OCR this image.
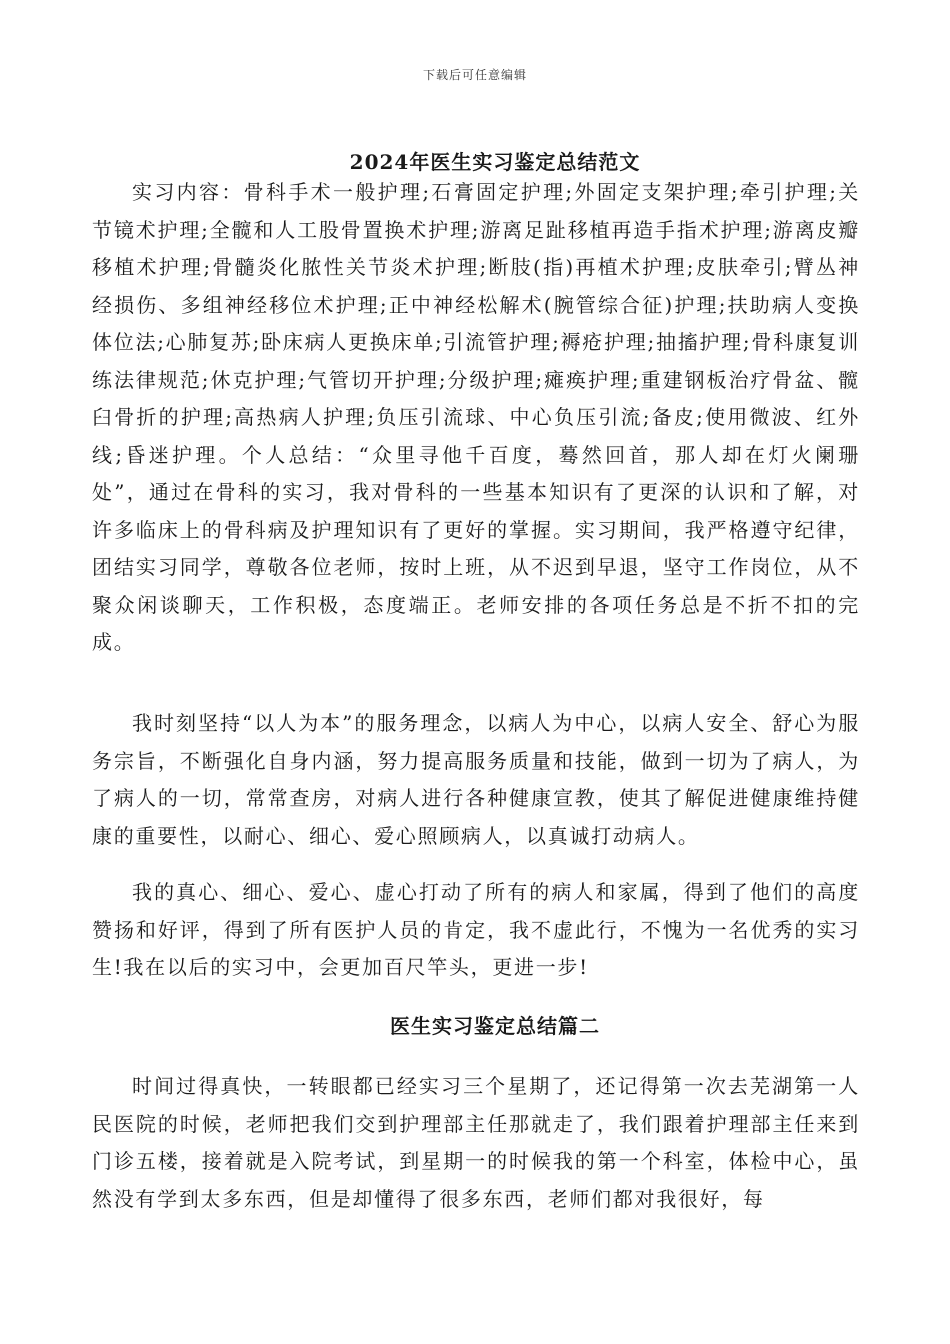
下载后可任意编辑
2024年医生实习鉴定总结范文

实习内容：骨科手术一般护理;石膏固定护理;外固定支架护理;牵引护理;关节镜术护理;全髋和人工股骨置换术护理;游离足趾移植再造手指术护理;游离皮瓣移植术护理;骨髓炎化脓性关节炎术护理;断肢(指)再植术护理;皮肤牵引;臂丛神经损伤、多组神经移位术护理;正中神经松解术(腕管综合征)护理;扶助病人变换体位法;心肺复苏;卧床病人更换床单;引流管护理;褥疮护理;抽搐护理;骨科康复训练法律规范;休克护理;气管切开护理;分级护理;瘫痪护理;重建钢板治疗骨盆、髋臼骨折的护理;高热病人护理;负压引流球、中心负压引流;备皮;使用微波、红外线;昏迷护理。个人总结：“众里寻他千百度，蓦然回首，那人却在灯火阑珊处”，通过在骨科的实习，我对骨科的一些基本知识有了更深的认识和了解，对许多临床上的骨科病及护理知识有了更好的掌握。实习期间，我严格遵守纪律，团结实习同学，尊敬各位老师，按时上班，从不迟到早退，坚守工作岗位，从不聚众闲谈聊天，工作积极，态度端正。老师安排的各项任务总是不折不扣的完成。

我时刻坚持“以人为本”的服务理念，以病人为中心，以病人安全、舒心为服务宗旨，不断强化自身内涵，努力提高服务质量和技能，做到一切为了病人，为了病人的一切，常常查房，对病人进行各种健康宣教，使其了解促进健康维持健康的重要性，以耐心、细心、爱心照顾病人，以真诚打动病人。

我的真心、细心、爱心、虚心打动了所有的病人和家属，得到了他们的高度赞扬和好评，得到了所有医护人员的肯定，我不虚此行，不愧为一名优秀的实习生!我在以后的实习中，会更加百尺竿头，更进一步!

医生实习鉴定总结篇二

时间过得真快，一转眼都已经实习三个星期了，还记得第一次去芜湖第一人民医院的时候，老师把我们交到护理部主任那就走了，我们跟着护理部主任来到门诊五楼，接着就是入院考试，到星期一的时候我的第一个科室，体检中心，虽然没有学到太多东西，但是却懂得了很多东西，老师们都对我很好，每
